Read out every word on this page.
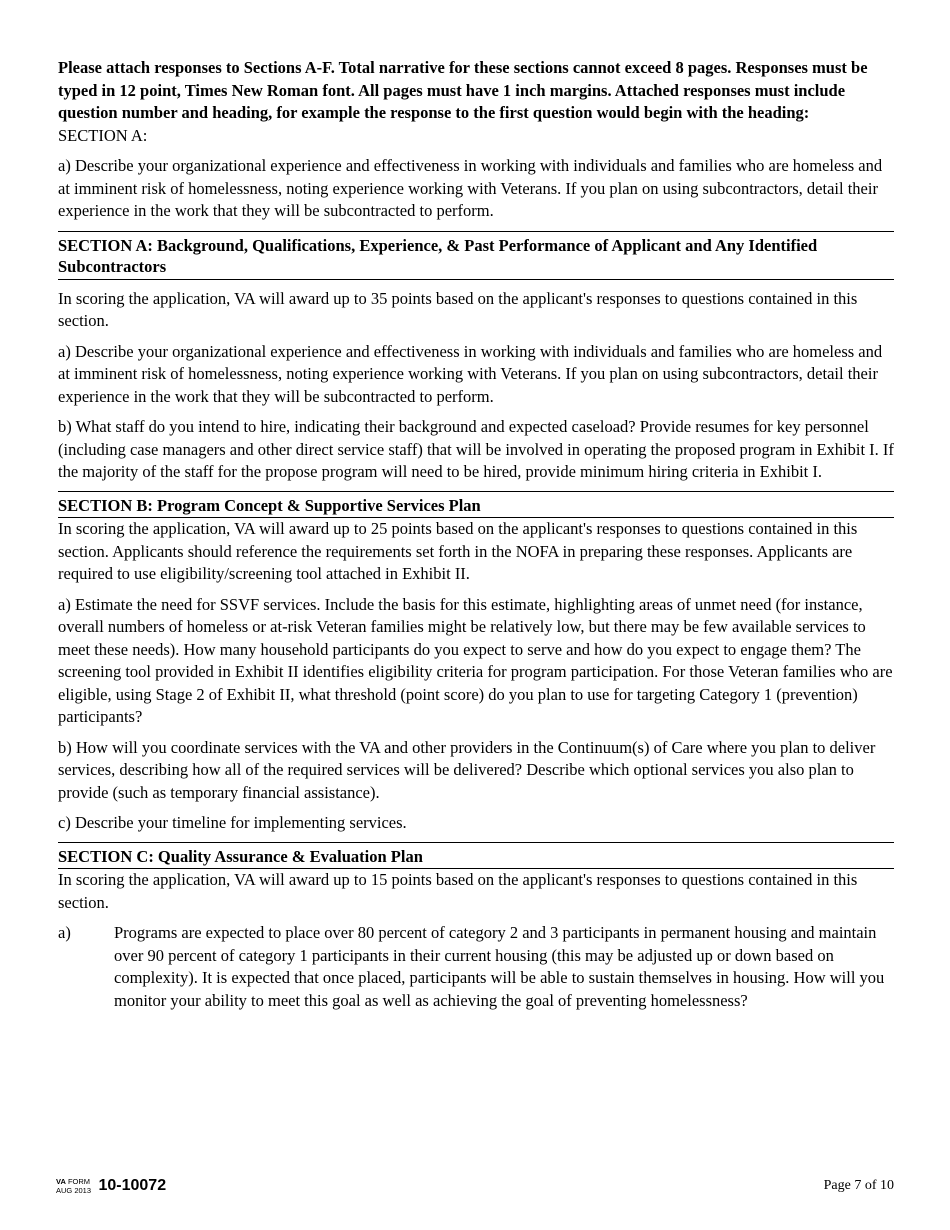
Please attach responses to Sections A-F. Total narrative for these sections cannot exceed 8 pages. Responses must be typed in 12 point, Times New Roman font. All pages must have 1 inch margins. Attached responses must include question number and heading, for example the response to the first question would begin with the heading:

SECTION A:

a) Describe your organizational experience and effectiveness in working with individuals and families who are homeless and at imminent risk of homelessness, noting experience working with Veterans. If you plan on using subcontractors, detail their experience in the work that they will be subcontracted to perform.

SECTION A: Background, Qualifications, Experience, & Past Performance of Applicant and Any Identified Subcontractors

In scoring the application, VA will award up to 35 points based on the applicant's responses to questions contained in this section.

a) Describe your organizational experience and effectiveness in working with individuals and families who are homeless and at imminent risk of homelessness, noting experience working with Veterans. If you plan on using subcontractors, detail their experience in the work that they will be subcontracted to perform.

b) What staff do you intend to hire, indicating their background and expected caseload? Provide resumes for key personnel (including case managers and other direct service staff) that will be involved in operating the proposed program in Exhibit I. If the majority of the staff for the propose program will need to be hired, provide minimum hiring criteria in Exhibit I.

SECTION B: Program Concept & Supportive Services Plan

In scoring the application, VA will award up to 25 points based on the applicant's responses to questions contained in this section. Applicants should reference the requirements set forth in the NOFA in preparing these responses. Applicants are required to use eligibility/screening tool attached in Exhibit II.

a) Estimate the need for SSVF services. Include the basis for this estimate, highlighting areas of unmet need (for instance, overall numbers of homeless or at-risk Veteran families might be relatively low, but there may be few available services to meet these needs). How many household participants do you expect to serve and how do you expect to engage them? The screening tool provided in Exhibit II identifies eligibility criteria for program participation. For those Veteran families who are eligible, using Stage 2 of Exhibit II, what threshold (point score) do you plan to use for targeting Category 1 (prevention) participants?

b) How will you coordinate services with the VA and other providers in the Continuum(s) of Care where you plan to deliver services, describing how all of the required services will be delivered? Describe which optional services you also plan to provide (such as temporary financial assistance).

c) Describe your timeline for implementing services.

SECTION C: Quality Assurance & Evaluation Plan

In scoring the application, VA will award up to 15 points based on the applicant's responses to questions contained in this section.

a)	Programs are expected to place over 80 percent of category 2 and 3 participants in permanent housing and maintain over 90 percent of category 1 participants in their current housing (this may be adjusted up or down based on complexity). It is expected that once placed, participants will be able to sustain themselves in housing. How will you monitor your ability to meet this goal as well as achieving the goal of preventing homelessness?

VA FORM
AUG 2013 10-10072	Page 7 of 10
